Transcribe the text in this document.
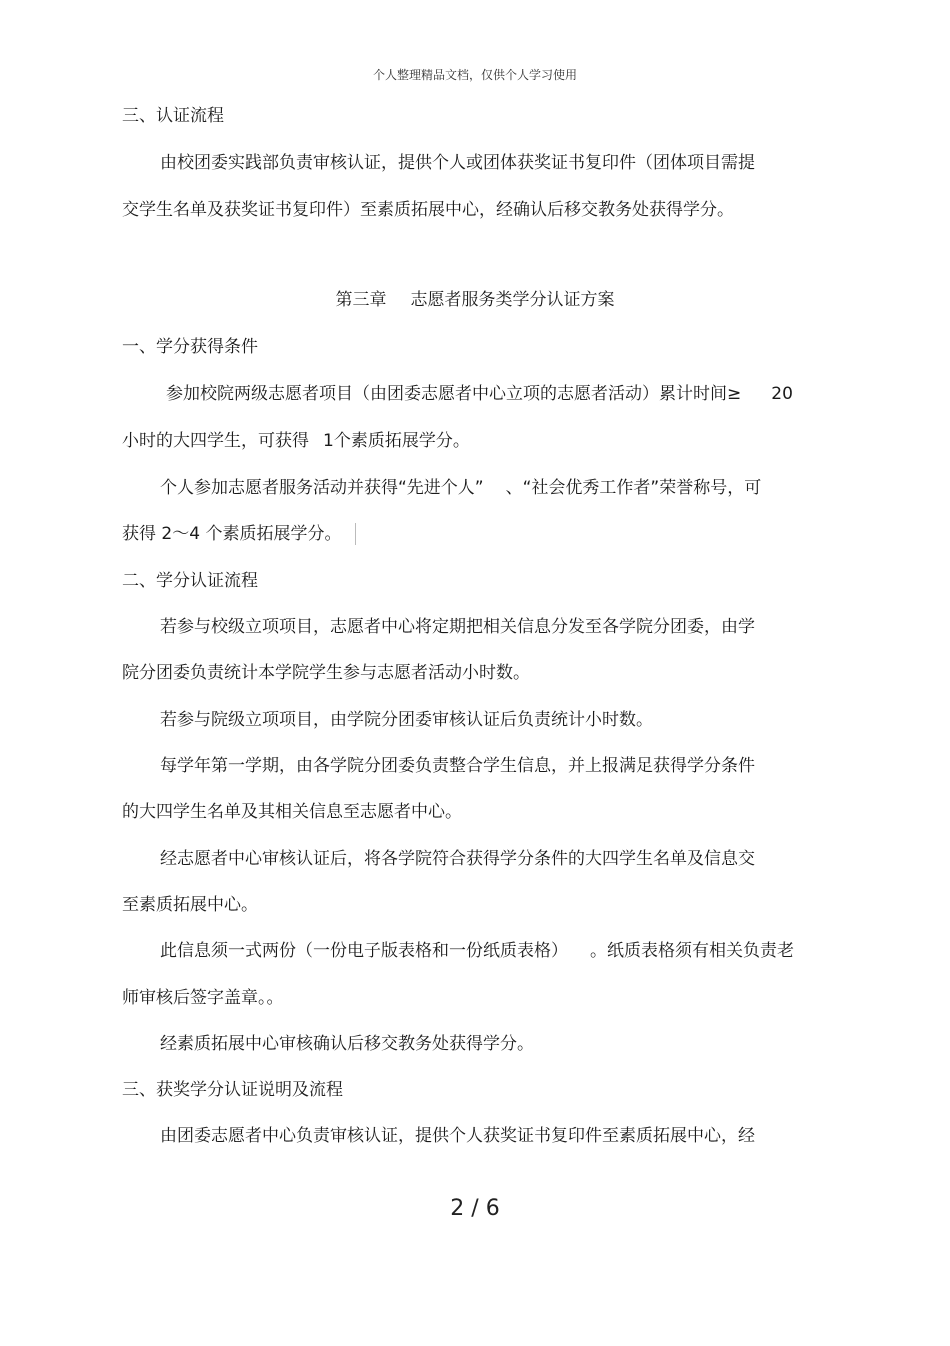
个人整理精品文档，仅供个人学习使用
三、认证流程
由校团委实践部负责审核认证，提供个人或团体获奖证书复印件（团体项目需提
交学生名单及获奖证书复印件）至素质拓展中心，经确认后移交教务处获得学分。
第三章 志愿者服务类学分认证方案
一、学分获得条件
参加校院两级志愿者项目（由团委志愿者中心立项的志愿者活动）累计时间≥ 20
小时的大四学生，可获得 1个素质拓展学分。
个人参加志愿者服务活动并获得“先进个人” 、“社会优秀工作者”荣誉称号，可
获得 2～4 个素质拓展学分。
二、学分认证流程
若参与校级立项项目，志愿者中心将定期把相关信息分发至各学院分团委，由学
院分团委负责统计本学院学生参与志愿者活动小时数。
若参与院级立项项目，由学院分团委审核认证后负责统计小时数。
每学年第一学期，由各学院分团委负责整合学生信息，并上报满足获得学分条件
的大四学生名单及其相关信息至志愿者中心。
经志愿者中心审核认证后，将各学院符合获得学分条件的大四学生名单及信息交
至素质拓展中心。
此信息须一式两份（一份电子版表格和一份纸质表格） 。纸质表格须有相关负责老
师审核后签字盖章。。
经素质拓展中心审核确认后移交教务处获得学分。
三、获奖学分认证说明及流程
由团委志愿者中心负责审核认证，提供个人获奖证书复印件至素质拓展中心，经
2 / 6
